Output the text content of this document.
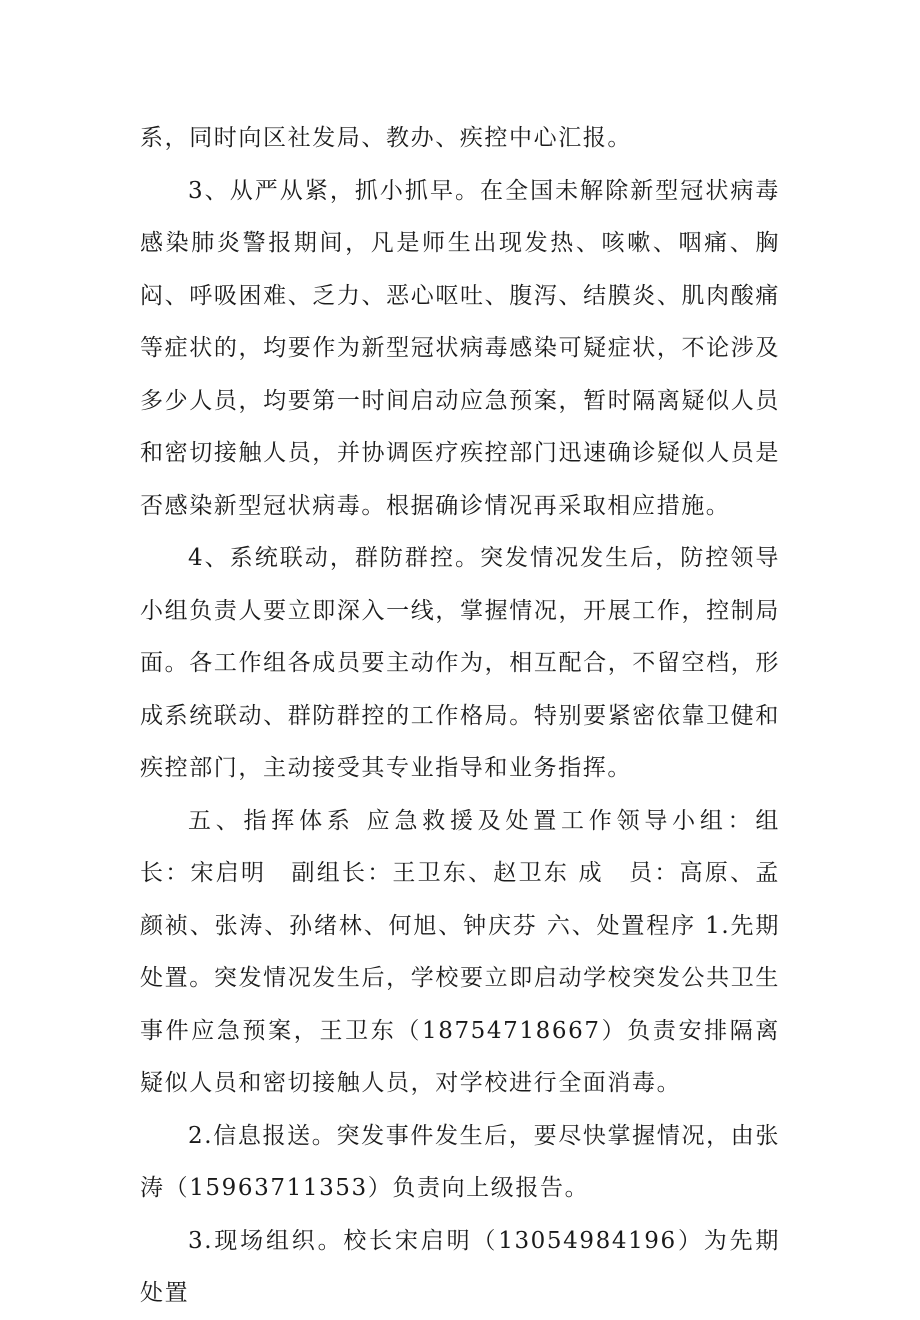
系，同时向区社发局、教办、疾控中心汇报。

3、从严从紧，抓小抓早。在全国未解除新型冠状病毒感染肺炎警报期间，凡是师生出现发热、咳嗽、咽痛、胸闷、呼吸困难、乏力、恶心呕吐、腹泻、结膜炎、肌肉酸痛等症状的，均要作为新型冠状病毒感染可疑症状，不论涉及多少人员，均要第一时间启动应急预案，暂时隔离疑似人员和密切接触人员，并协调医疗疾控部门迅速确诊疑似人员是否感染新型冠状病毒。根据确诊情况再采取相应措施。

4、系统联动，群防群控。突发情况发生后，防控领导小组负责人要立即深入一线，掌握情况，开展工作，控制局面。各工作组各成员要主动作为，相互配合，不留空档，形成系统联动、群防群控的工作格局。特别要紧密依靠卫健和疾控部门，主动接受其专业指导和业务指挥。

五、指挥体系 应急救援及处置工作领导小组：组　长：宋启明　副组长：王卫东、赵卫东 成　员：高原、孟颜祯、张涛、孙绪林、何旭、钟庆芬 六、处置程序 1.先期处置。突发情况发生后，学校要立即启动学校突发公共卫生事件应急预案，王卫东（18754718667）负责安排隔离疑似人员和密切接触人员，对学校进行全面消毒。

2.信息报送。突发事件发生后，要尽快掌握情况，由张涛（15963711353）负责向上级报告。

3.现场组织。校长宋启明（13054984196）为先期处置
